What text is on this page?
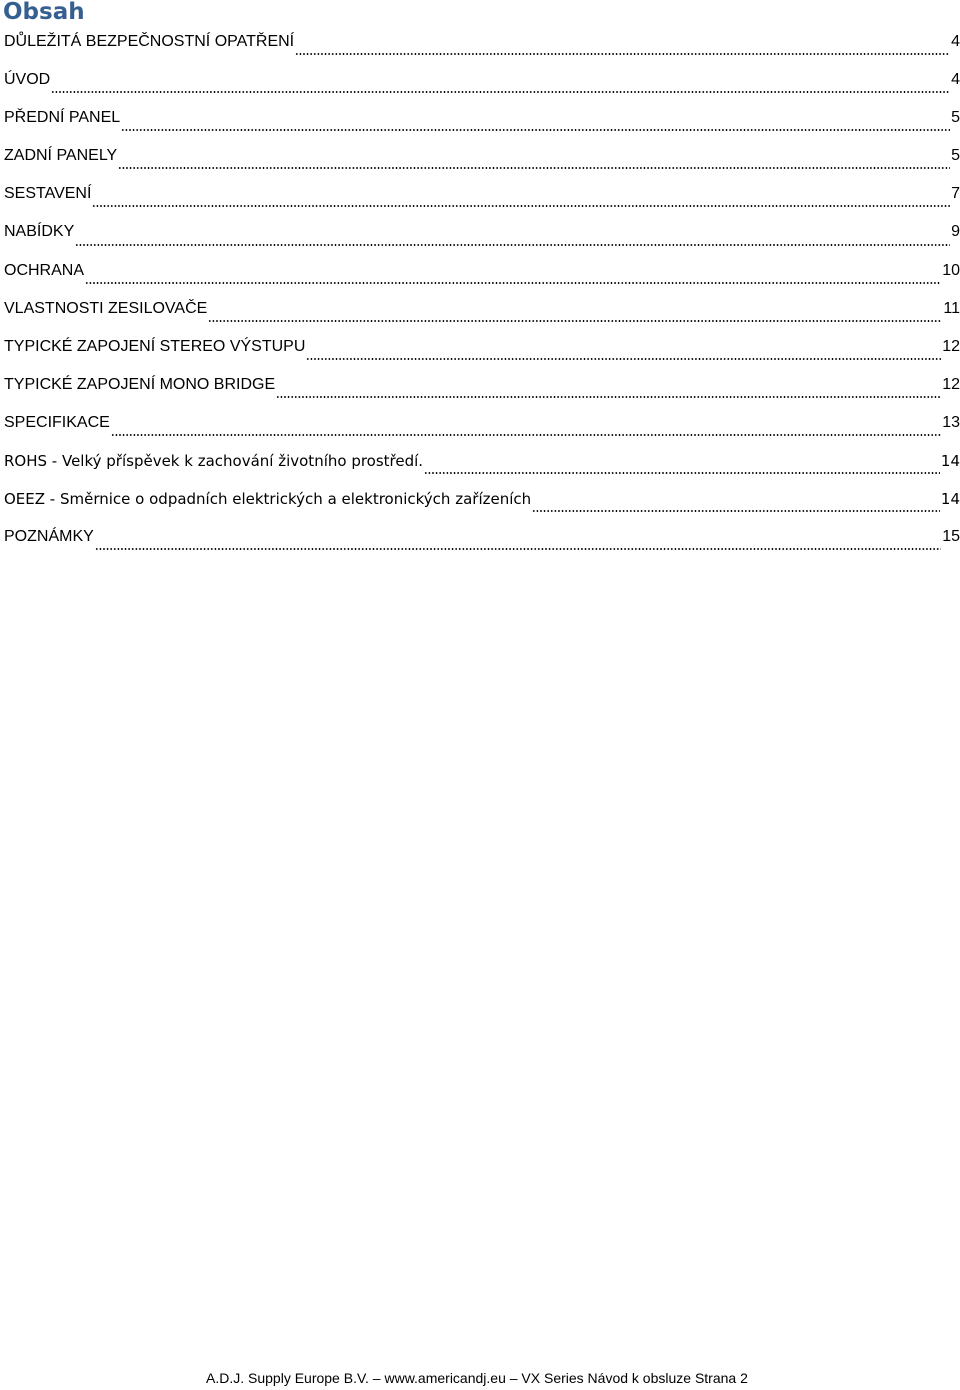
Obsah
DŮLEŽITÁ BEZPEČNOSTNÍ OPATŘENÍ	4
ÚVOD	4
PŘEDNÍ PANEL	5
ZADNÍ PANELY	5
SESTAVENÍ	7
NABÍDKY	9
OCHRANA	10
VLASTNOSTI ZESILOVAČE	11
TYPICKÉ ZAPOJENÍ STEREO VÝSTUPU	12
TYPICKÉ ZAPOJENÍ MONO BRIDGE	12
SPECIFIKACE	13
ROHS - Velký příspěvek k zachování životního prostředí.	14
OEEZ - Směrnice o odpadních elektrických a elektronických zařízeních	14
POZNÁMKY	15
A.D.J. Supply Europe B.V. – www.americandj.eu – VX Series Návod k obsluze Strana 2
